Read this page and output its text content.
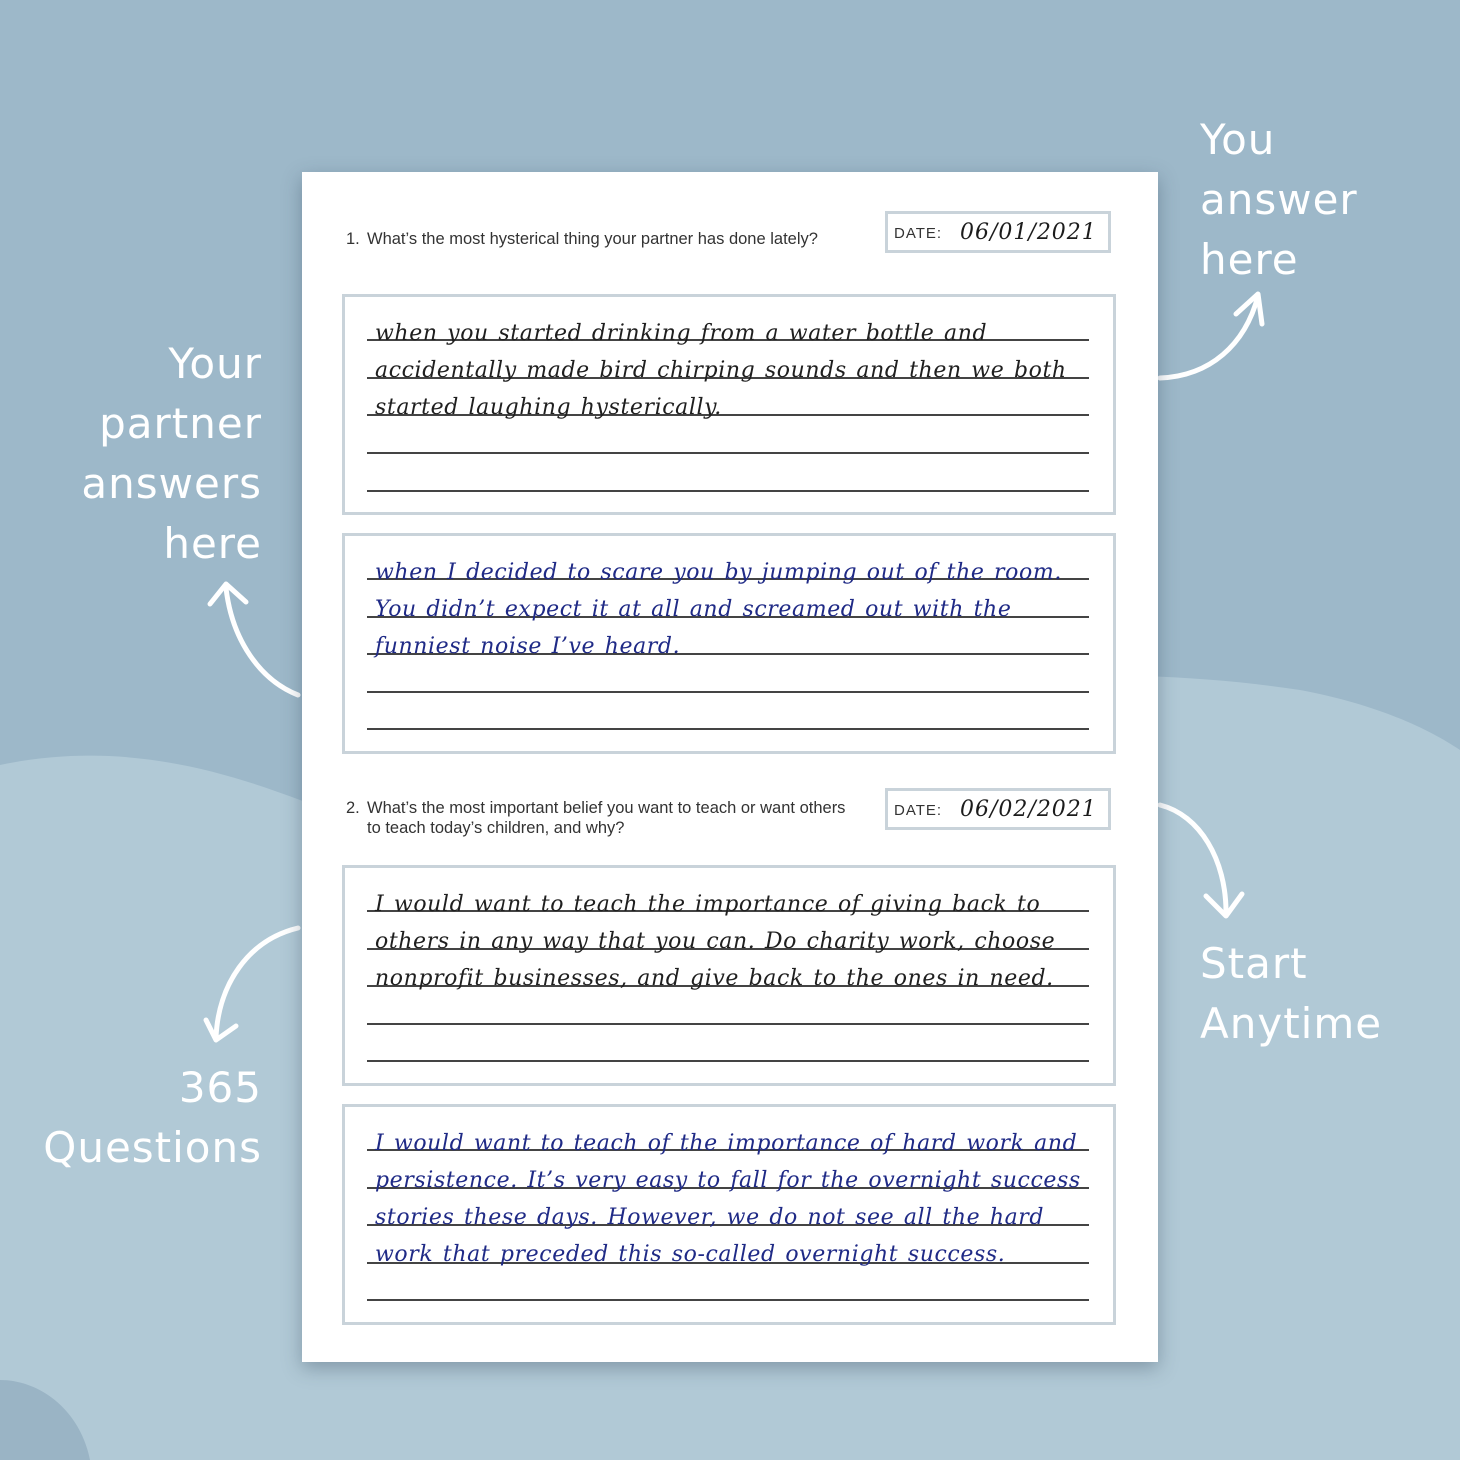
You
answer
here
Your
partner
answers
here
365
Questions
Start
Anytime
1. What’s the most hysterical thing your partner has done lately?	DATE: 06/01/2021

when you started drinking from a water bottle and accidentally made bird chirping sounds and then we both started laughing hysterically.

when I decided to scare you by jumping out of the room. You didn’t expect it at all and screamed out with the funniest noise I’ve heard.

2. What’s the most important belief you want to teach or want others to teach today’s children, and why?
DATE: 06/02/2021

I would want to teach the importance of giving back to others in any way that you can. Do charity work, choose nonprofit businesses, and give back to the ones in need.

I would want to teach of the importance of hard work and persistence. It’s very easy to fall for the overnight success stories these days. However, we do not see all the hard work that preceded this so-called overnight success.
